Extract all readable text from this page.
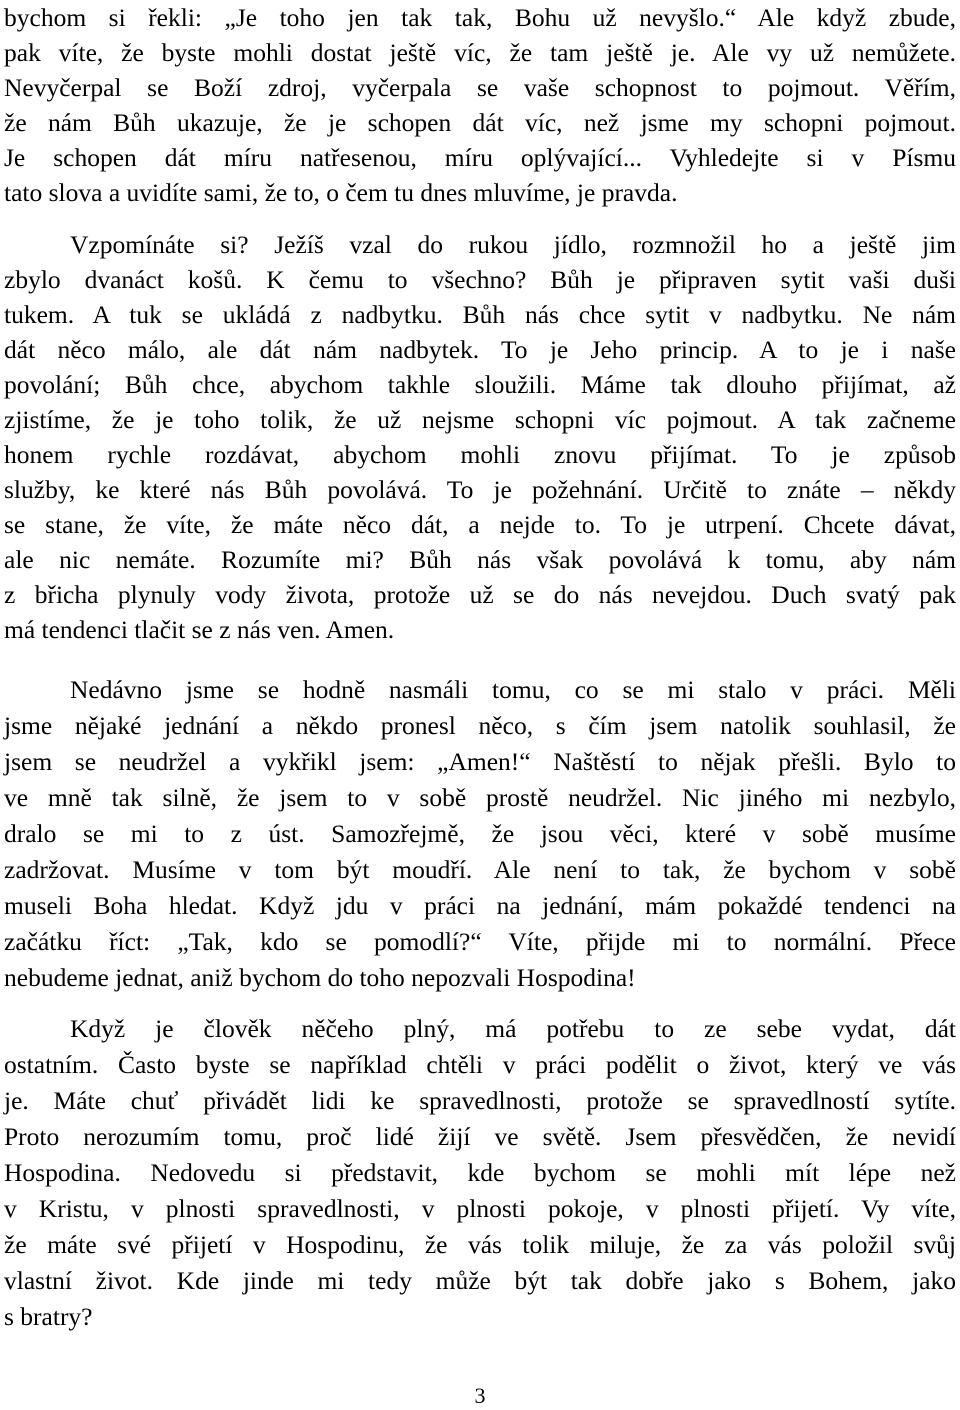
bychom si řekli: „Je toho jen tak tak, Bohu už nevyšlo.“ Ale když zbude,
pak víte, že byste mohli dostat ještě víc, že tam ještě je. Ale vy už nemůžete.
Nevyčerpal se Boží zdroj, vyčerpala se vaše schopnost to pojmout. Věřím,
že nám Bůh ukazuje, že je schopen dát víc, než jsme my schopni pojmout.
Je schopen dát míru natřesenou, míru oplývající... Vyhledejte si v Písmu
tato slova a uvidíte sami, že to, o čem tu dnes mluvíme, je pravda.
Vzpomínáte si? Ježíš vzal do rukou jídlo, rozmnožil ho a ještě jim
zbylo dvanáct košů. K čemu to všechno? Bůh je připraven sytit vaši duši
tukem. A tuk se ukládá z nadbytku. Bůh nás chce sytit v nadbytku. Ne nám
dát něco málo, ale dát nám nadbytek. To je Jeho princip. A to je i naše
povolání; Bůh chce, abychom takhle sloužili. Máme tak dlouho přijímat, až
zjistíme, že je toho tolik, že už nejsme schopni víc pojmout. A tak začneme
honem rychle rozdávat, abychom mohli znovu přijímat. To je způsob
služby, ke které nás Bůh povolává. To je požehnání. Určitě to znáte – někdy
se stane, že víte, že máte něco dát, a nejde to. To je utrpení. Chcete dávat,
ale nic nemáte. Rozumíte mi? Bůh nás však povolává k tomu, aby nám
z břicha plynuly vody života, protože už se do nás nevejdou. Duch svatý pak
má tendenci tlačit se z nás ven. Amen.
Nedávno jsme se hodně nasmáli tomu, co se mi stalo v práci. Měli
jsme nějaké jednání a někdo pronesl něco, s čím jsem natolik souhlasil, že
jsem se neudržel a vykřikl jsem: „Amen!“ Naštěstí to nějak přešli. Bylo to
ve mně tak silně, že jsem to v sobě prostě neudržel. Nic jiného mi nezbylo,
dralo se mi to z úst. Samozřejmě, že jsou věci, které v sobě musíme
zadržovat. Musíme v tom být moudří. Ale není to tak, že bychom v sobě
museli Boha hledat. Když jdu v práci na jednání, mám pokaždé tendenci na
začátku říct: „Tak, kdo se pomodlí?“ Víte, přijde mi to normální. Přece
nebudeme jednat, aniž bychom do toho nepozvali Hospodina!
Když je člověk něčeho plný, má potřebu to ze sebe vydat, dát
ostatním. Často byste se například chtěli v práci podělit o život, který ve vás
je. Máte chuť přivádět lidi ke spravedlnosti, protože se spravedlností sytíte.
Proto nerozumím tomu, proč lidé žijí ve světě. Jsem přesvědčen, že nevidí
Hospodina. Nedovedu si představit, kde bychom se mohli mít lépe než
v Kristu, v plnosti spravedlnosti, v plnosti pokoje, v plnosti přijetí. Vy víte,
že máte své přijetí v Hospodinu, že vás tolik miluje, že za vás položil svůj
vlastní život. Kde jinde mi tedy může být tak dobře jako s Bohem, jako
s bratry?
3
